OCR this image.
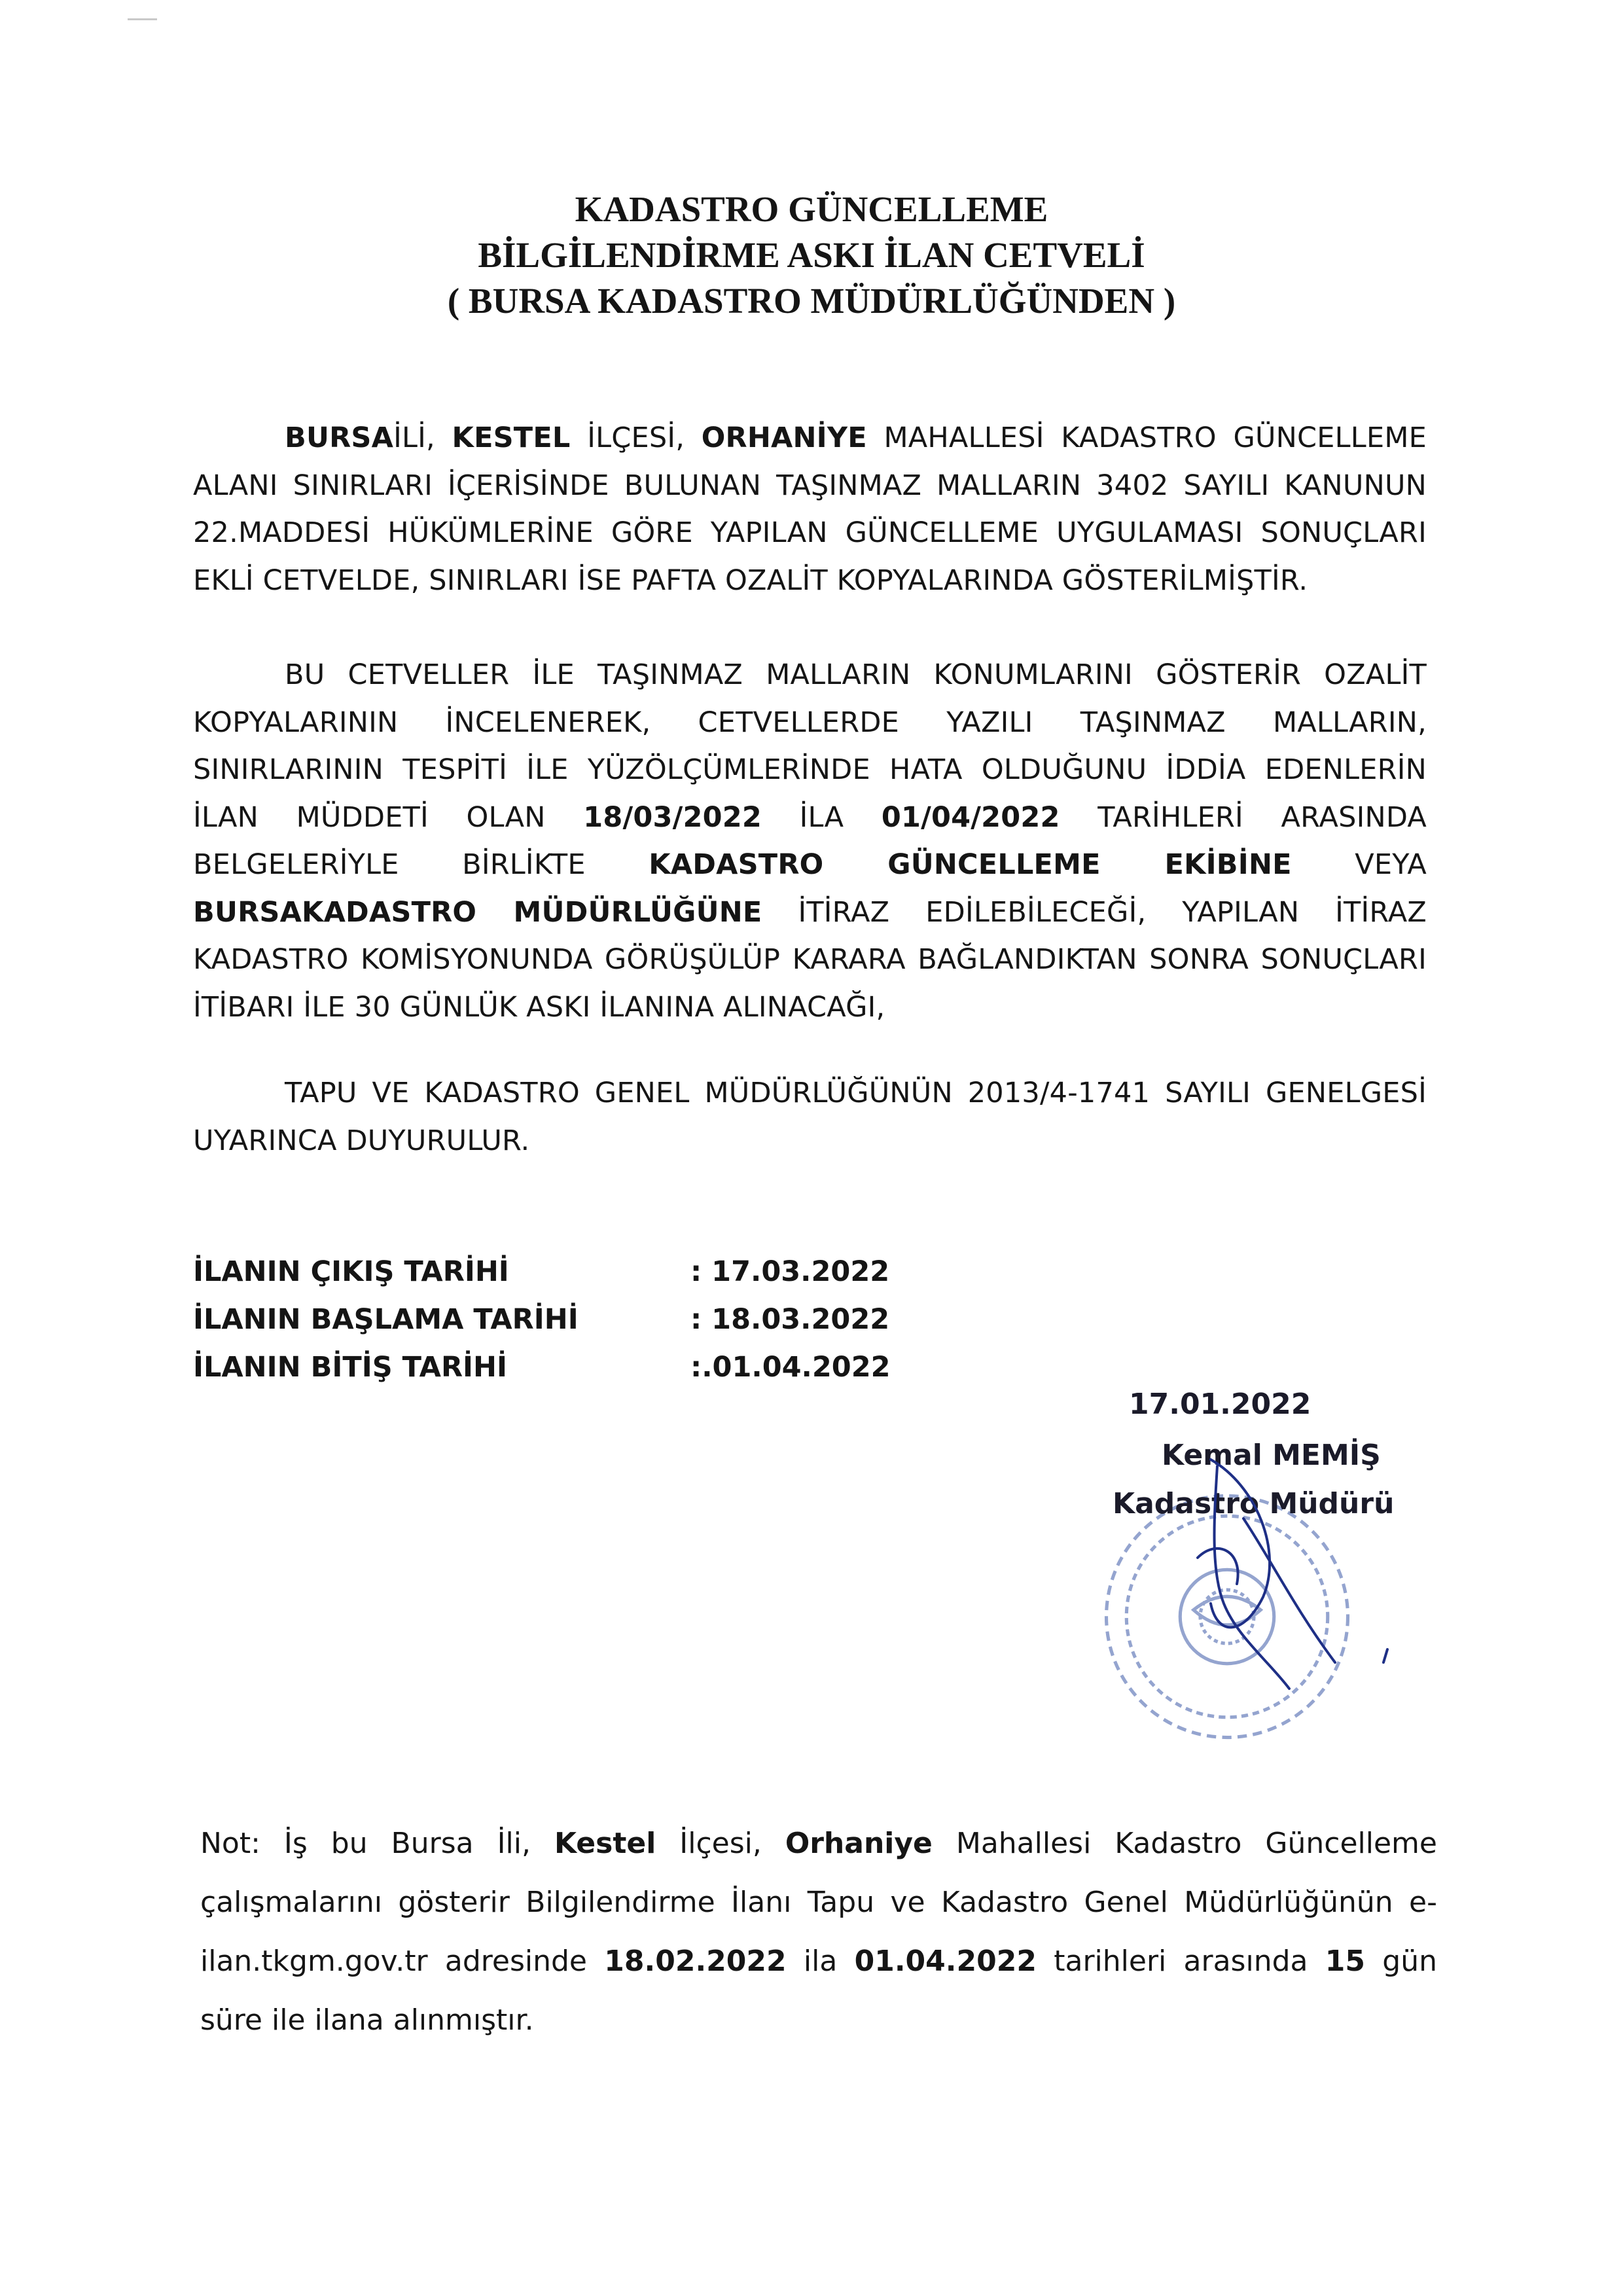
KADASTRO GÜNCELLEME
BİLGİLENDİRME ASKI İLAN CETVELİ
( BURSA KADASTRO MÜDÜRLÜĞÜNDEN )
BURSAİLİ, KESTEL İLÇESİ, ORHANİYE MAHALLESİ KADASTRO GÜNCELLEME ALANI SINIRLARI İÇERİSİNDE BULUNAN TAŞINMAZ MALLARIN 3402 SAYILI KANUNUN 22.MADDESİ HÜKÜMLERİNE GÖRE YAPILAN GÜNCELLEME UYGULAMASI SONUÇLARI EKLİ CETVELDE, SINIRLARI İSE PAFTA OZALİT KOPYALARINDA GÖSTERİLMİŞTİR.
BU CETVELLER İLE TAŞINMAZ MALLARIN KONUMLARINI GÖSTERİR OZALİT KOPYALARININ İNCELENEREK, CETVELLERDE YAZILI TAŞINMAZ MALLARIN, SINIRLARININ TESPİTİ İLE YÜZÖLÇÜMLERİNDE HATA OLDUĞUNU İDDİA EDENLERİN İLAN MÜDDETİ OLAN 18/03/2022 İLA 01/04/2022 TARİHLERİ ARASINDA BELGELERİYLE BİRLİKTE KADASTRO GÜNCELLEME EKİBİNE VEYA BURSAKADASTRO MÜDÜRLÜĞÜNE İTİRAZ EDİLEBİLECEĞİ, YAPILAN İTİRAZ KADASTRO KOMİSYONUNDA GÖRÜŞÜLÜP KARARA BAĞLANDIKTAN SONRA SONUÇLARI İTİBARI İLE 30 GÜNLÜK ASKI İLANINA ALINACAĞI,
TAPU VE KADASTRO GENEL MÜDÜRLÜĞÜNÜN 2013/4-1741 SAYILI GENELGESİ UYARINCA DUYURULUR.
İLANIN ÇIKIŞ TARİHİ	: 17.03.2022
İLANIN BAŞLAMA TARİHİ	: 18.03.2022
İLANIN BİTİŞ TARİHİ	:.01.04.2022
17.01.2022
Kemal MEMİŞ
Kadastro Müdürü
Not: İş bu Bursa İli, Kestel İlçesi, Orhaniye Mahallesi Kadastro Güncelleme çalışmalarını gösterir Bilgilendirme İlanı Tapu ve Kadastro Genel Müdürlüğünün e-ilan.tkgm.gov.tr adresinde 18.02.2022 ila 01.04.2022 tarihleri arasında 15 gün süre ile ilana alınmıştır.
